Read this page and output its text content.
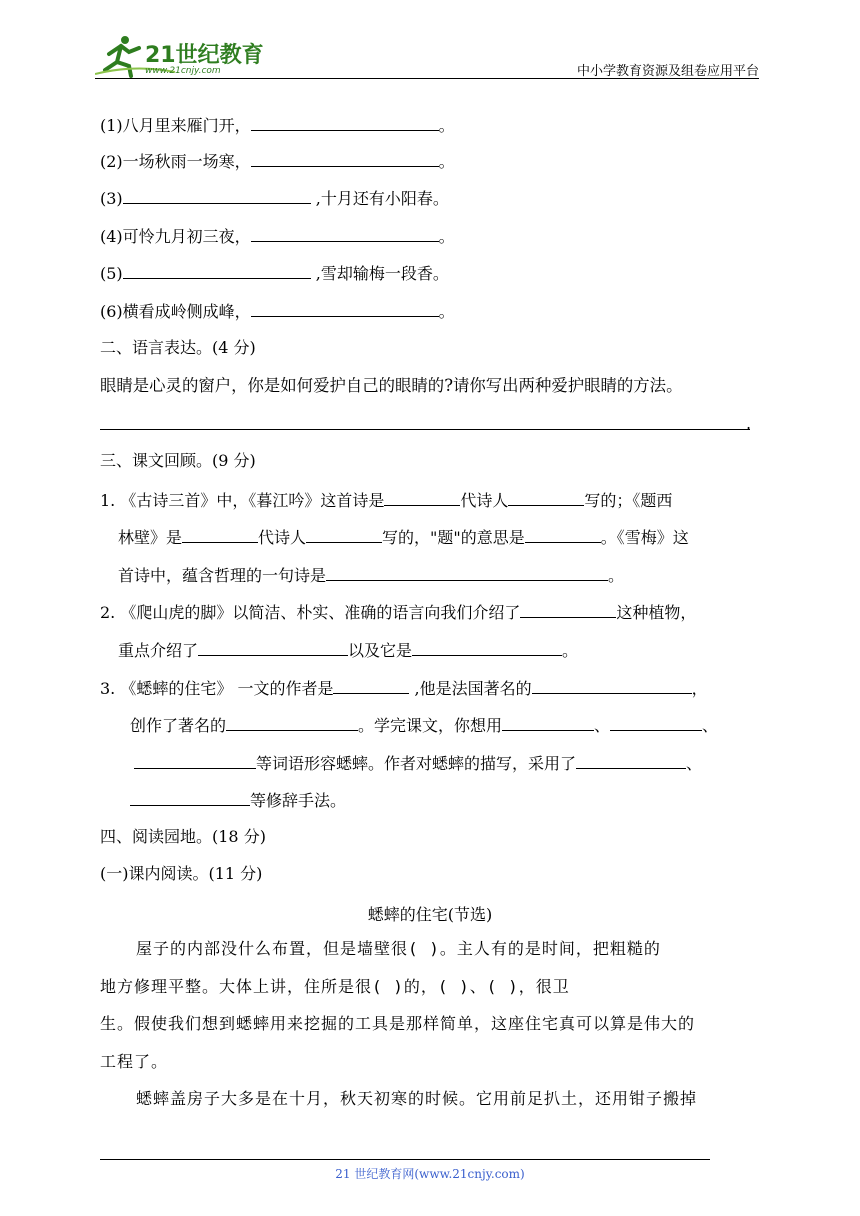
21世纪教育
www.21cnjy.com	中小学教育资源及组卷应用平台
(1)八月里来雁门开，	。
(2)一场秋雨一场寒，	。
(3)	,十月还有小阳春。
(4)可怜九月初三夜，	。
(5)	,雪却输梅一段香。
(6)横看成岭侧成峰，	。
二、语言表达。(4 分)
眼睛是心灵的窗户，你是如何爱护自己的眼睛的?请你写出两种爱护眼睛的方法。
.
三、课文回顾。(9 分)
1. 《古诗三首》中，《暮江吟》这首诗是	代诗人	写的；《题西
林壁》是	代诗人	写的，"题"的意思是	。《雪梅》这
首诗中，蕴含哲理的一句诗是	。
2. 《爬山虎的脚》以简洁、朴实、准确的语言向我们介绍了	这种植物，
重点介绍了	以及它是	。
3. 《蟋蟀的住宅》 一文的作者是	,他是法国著名的	，
创作了著名的	。学完课文，你想用	、	、
等词语形容蟋蟀。作者对蟋蟀的描写，采用了	、
等修辞手法。
四、阅读园地。(18 分)
(一)课内阅读。(11 分)
蟋蟀的住宅(节选)
屋子的内部没什么布置，但是墙壁很( )。主人有的是时间，把粗糙的
地方修理平整。大体上讲，住所是很( )的，( )、( )，很卫
生。假使我们想到蟋蟀用来挖掘的工具是那样简单，这座住宅真可以算是伟大的
工程了。
蟋蟀盖房子大多是在十月，秋天初寒的时候。它用前足扒土，还用钳子搬掉
21 世纪教育网(www.21cnjy.com)
